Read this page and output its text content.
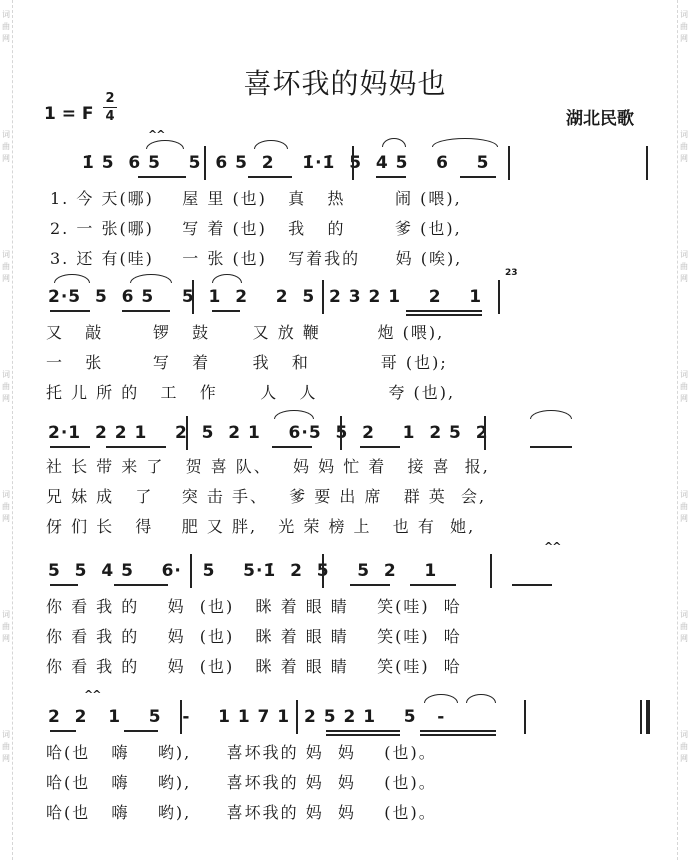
词
曲
网
词
曲
网
词
曲
网
词
曲
网
词
曲
网
词
曲
网
词
曲
网
词
曲
网
词
曲
网
词
曲
网
词
曲
网
词
曲
网
词
曲
网
词
曲
网
喜坏我的妈妈也
1 = F
2
4	湖北民歌
1̇ 5  6 5    5  6 5  2    1̇·1̇  5  4 5    6    5
^^
1. 今 天(哪)    屋 里 (也)   真   热       闹 (喂),
2. 一 张(哪)    写 着 (也)   我   的       爹 (也),
3. 还 有(哇)    一 张 (也)   写着我的     妈 (唉),
2·5  5  6 5    5  1  2    2  5  2 3 2 1    2    1
23
又   敲       锣   鼓      又 放 鞭        炮 (喂),
一   张       写   着      我   和          哥 (也);
托 儿 所 的   工   作      人   人          夸 (也),
2·1  2 2 1    2  5  2 1    6·5  5  2    1  2 5  2
社 长 带 来 了   贺 喜 队、   妈 妈 忙 着   接 喜  报,
兄 妹 成   了    突 击 手、   爹 要 出 席   群 英  会,
伢 们 长   得    肥 又 胖,   光 荣 榜 上   也 有  她,
5  5  4 5    6·   5    5·1̇  2  5    5  2    1
^^
你 看 我 的    妈  (也)   眯 着 眼 睛    笑(哇)  哈
你 看 我 的    妈  (也)   眯 着 眼 睛    笑(哇)  哈
你 看 我 的    妈  (也)   眯 着 眼 睛    笑(哇)  哈
2  2   1    5   -    1 1 7 1  2 5 2 1    5   -
^^
哈(也   嗨    哟),     喜坏我的 妈  妈    (也)。
哈(也   嗨    哟),     喜坏我的 妈  妈    (也)。
哈(也   嗨    哟),     喜坏我的 妈  妈    (也)。
